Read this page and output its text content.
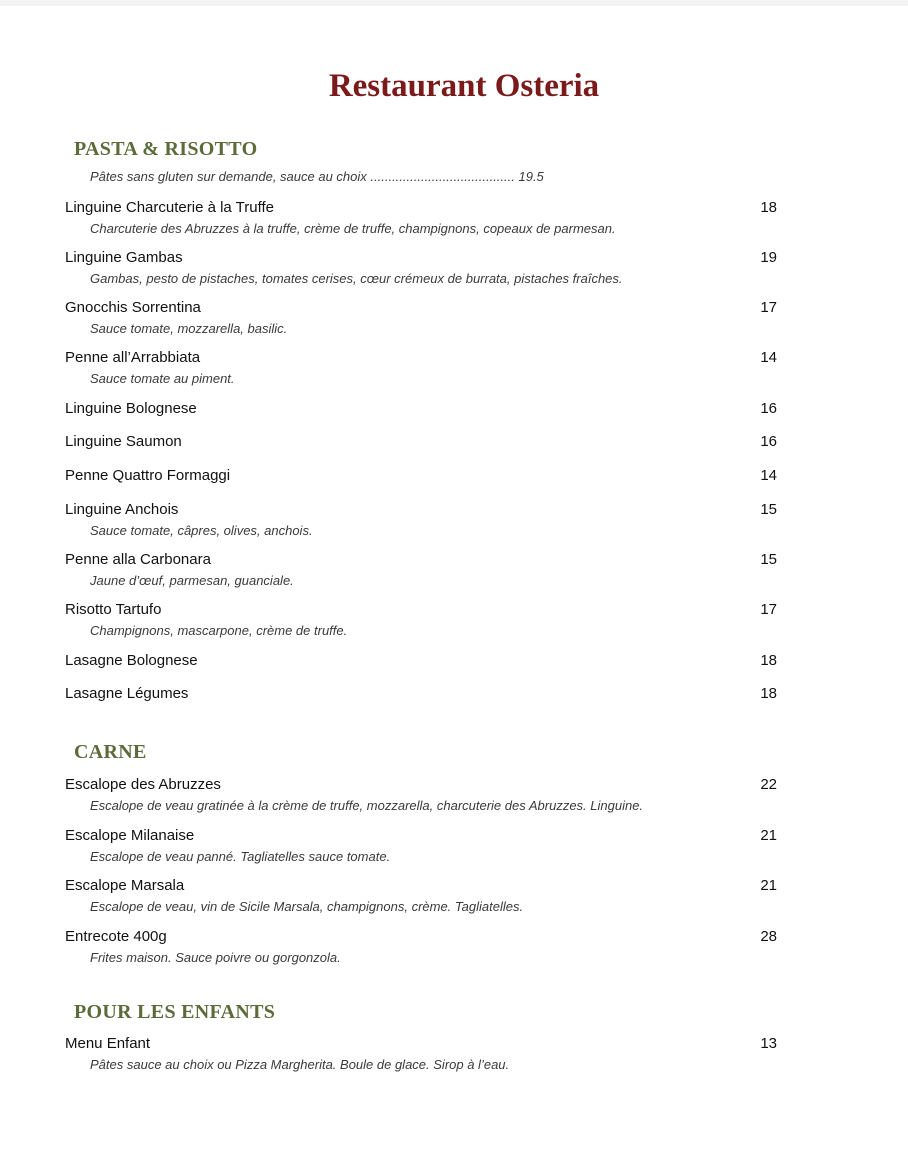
Restaurant Osteria
PASTA & RISOTTO
Pâtes sans gluten sur demande, sauce au choix ........................................ 19.5
Linguine Charcuterie à la Truffe	18
Charcuterie des Abruzzes à la truffe, crème de truffe, champignons, copeaux de parmesan.
Linguine Gambas	19
Gambas, pesto de pistaches, tomates cerises, cœur crémeux de burrata, pistaches fraîches.
Gnocchis Sorrentina	17
Sauce tomate, mozzarella, basilic.
Penne all’Arrabbiata	14
Sauce tomate au piment.
Linguine Bolognese	16
Linguine Saumon	16
Penne Quattro Formaggi	14
Linguine Anchois	15
Sauce tomate, câpres, olives, anchois.
Penne alla Carbonara	15
Jaune d’œuf, parmesan, guanciale.
Risotto Tartufo	17
Champignons, mascarpone, crème de truffe.
Lasagne Bolognese	18
Lasagne Légumes	18
CARNE
Escalope des Abruzzes	22
Escalope de veau gratinée à la crème de truffe, mozzarella, charcuterie des Abruzzes. Linguine.
Escalope Milanaise	21
Escalope de veau panné. Tagliatelles sauce tomate.
Escalope Marsala	21
Escalope de veau, vin de Sicile Marsala, champignons, crème. Tagliatelles.
Entrecote 400g	28
Frites maison. Sauce poivre ou gorgonzola.
POUR LES ENFANTS
Menu Enfant	13
Pâtes sauce au choix ou Pizza Margherita. Boule de glace. Sirop à l’eau.
